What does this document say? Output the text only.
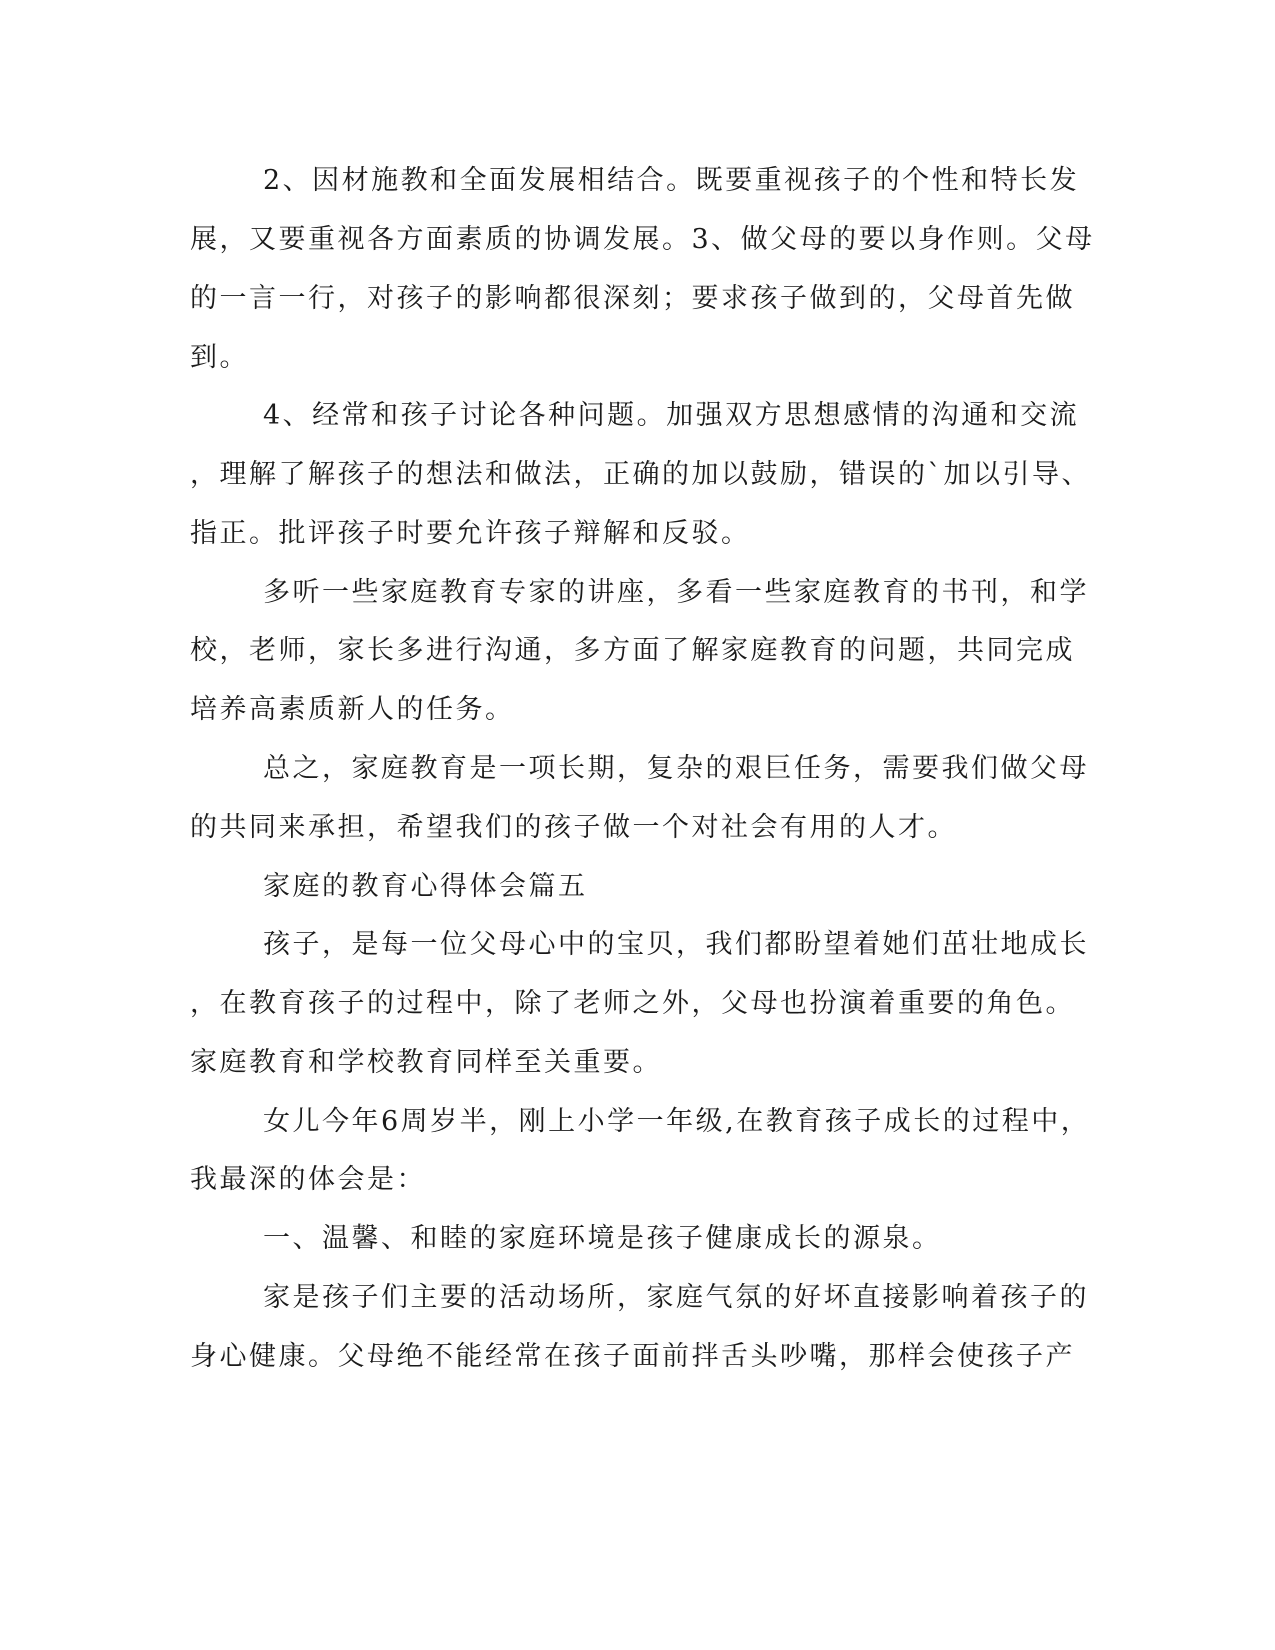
2、因材施教和全面发展相结合。既要重视孩子的个性和特长发
展，又要重视各方面素质的协调发展。3、做父母的要以身作则。父母
的一言一行，对孩子的影响都很深刻；要求孩子做到的，父母首先做
到。
4、经常和孩子讨论各种问题。加强双方思想感情的沟通和交流
，理解了解孩子的想法和做法，正确的加以鼓励，错误的`加以引导、
指正。批评孩子时要允许孩子辩解和反驳。
多听一些家庭教育专家的讲座，多看一些家庭教育的书刊，和学
校，老师，家长多进行沟通，多方面了解家庭教育的问题，共同完成
培养高素质新人的任务。
总之，家庭教育是一项长期，复杂的艰巨任务，需要我们做父母
的共同来承担，希望我们的孩子做一个对社会有用的人才。
家庭的教育心得体会篇五
孩子，是每一位父母心中的宝贝，我们都盼望着她们茁壮地成长
，在教育孩子的过程中，除了老师之外，父母也扮演着重要的角色。
家庭教育和学校教育同样至关重要。
女儿今年6周岁半，刚上小学一年级,在教育孩子成长的过程中，
我最深的体会是：
一、温馨、和睦的家庭环境是孩子健康成长的源泉。
家是孩子们主要的活动场所，家庭气氛的好坏直接影响着孩子的
身心健康。父母绝不能经常在孩子面前拌舌头吵嘴，那样会使孩子产
